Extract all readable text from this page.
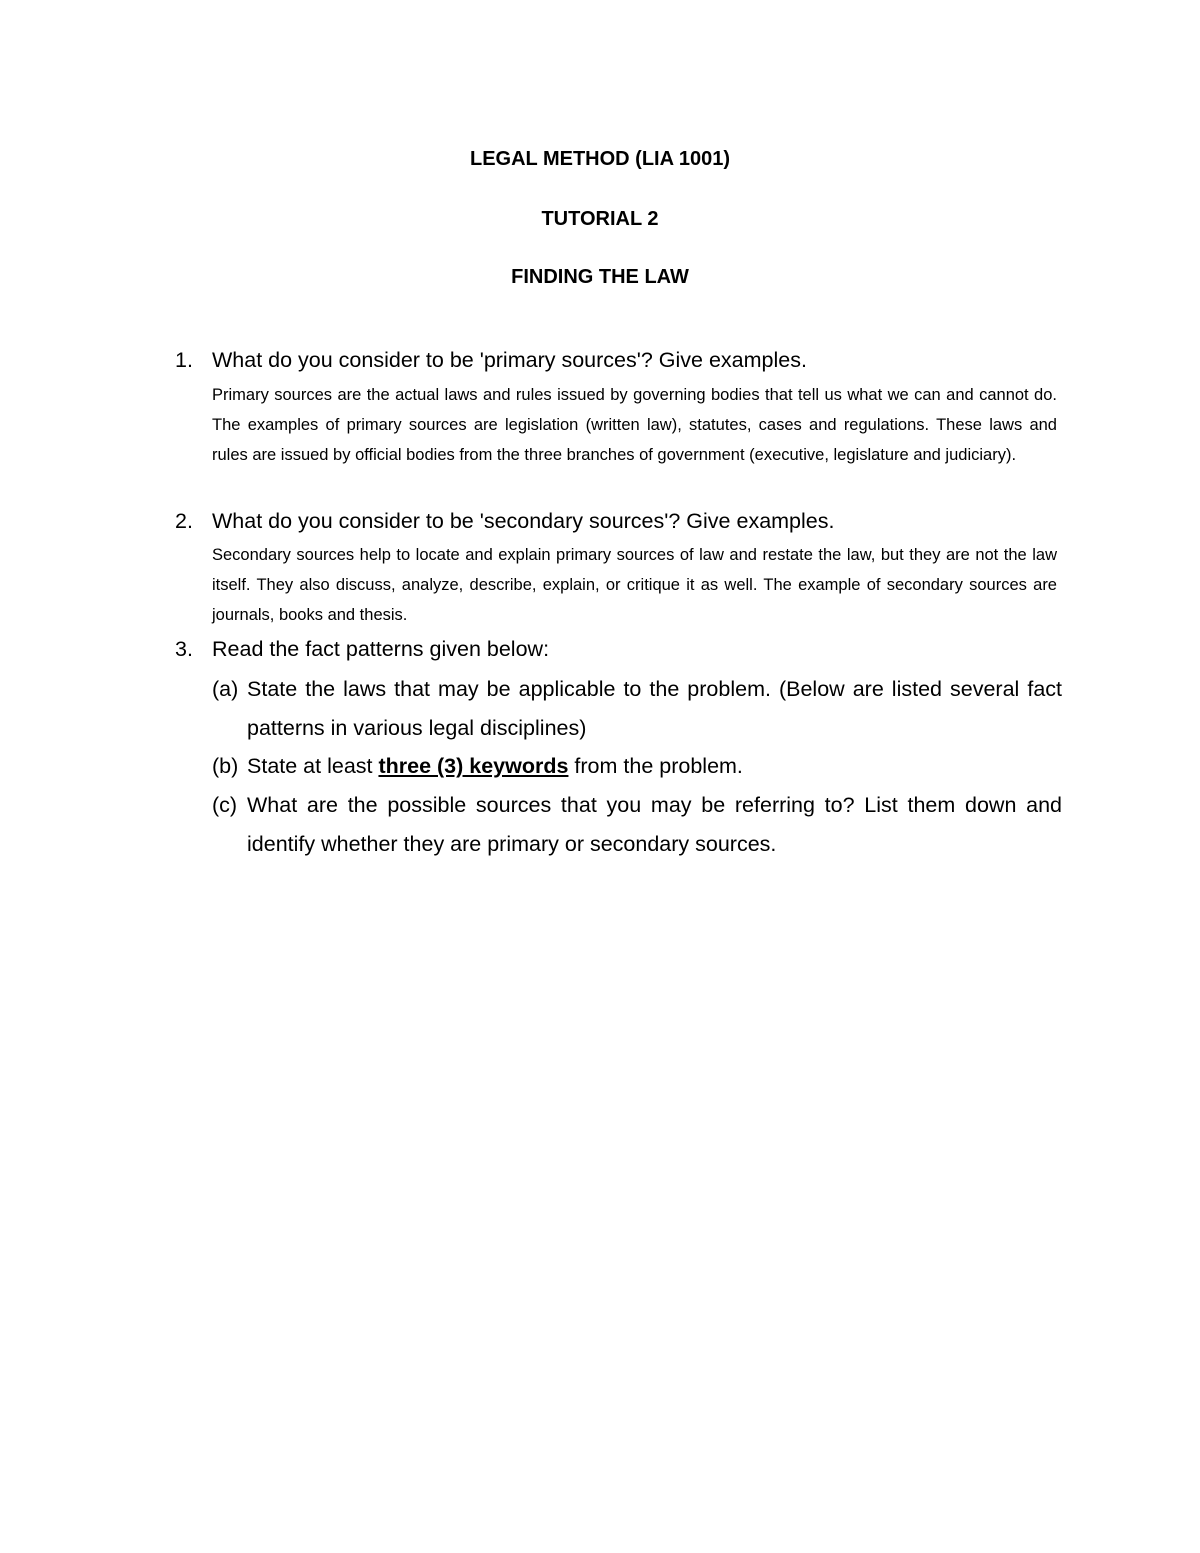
LEGAL METHOD (LIA 1001)
TUTORIAL 2
FINDING THE LAW
1. What do you consider to be 'primary sources'? Give examples.
Primary sources are the actual laws and rules issued by governing bodies that tell us what we can and cannot do. The examples of primary sources are legislation (written law), statutes, cases and regulations. These laws and rules are issued by official bodies from the three branches of government (executive, legislature and judiciary).
2. What do you consider to be 'secondary sources'? Give examples.
Secondary sources help to locate and explain primary sources of law and restate the law, but they are not the law itself. They also discuss, analyze, describe, explain, or critique it as well. The example of secondary sources are journals, books and thesis.
3. Read the fact patterns given below:
(a) State the laws that may be applicable to the problem. (Below are listed several fact patterns in various legal disciplines)
(b) State at least three (3) keywords from the problem.
(c) What are the possible sources that you may be referring to? List them down and identify whether they are primary or secondary sources.
